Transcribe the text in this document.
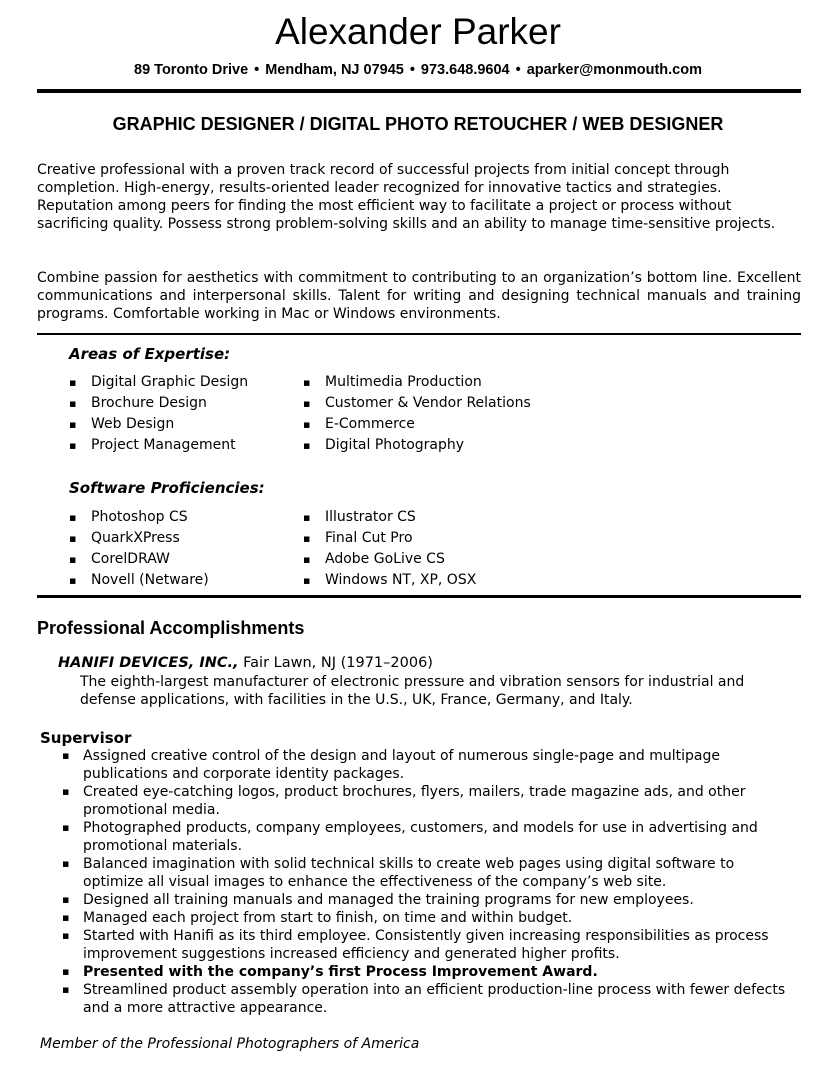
Alexander Parker
89 Toronto Drive • Mendham, NJ 07945 • 973.648.9604 • aparker@monmouth.com
GRAPHIC DESIGNER / DIGITAL PHOTO RETOUCHER / WEB DESIGNER

Creative professional with a proven track record of successful projects from initial concept through completion. High-energy, results-oriented leader recognized for innovative tactics and strategies. Reputation among peers for finding the most efficient way to facilitate a project or process without sacrificing quality. Possess strong problem-solving skills and an ability to manage time-sensitive projects.

Combine passion for aesthetics with commitment to contributing to an organization’s bottom line. Excellent communications and interpersonal skills. Talent for writing and designing technical manuals and training programs. Comfortable working in Mac or Windows environments.

Areas of Expertise:

▪ Digital Graphic Design
▪ Brochure Design
▪ Web Design
▪ Project Management
▪ Multimedia Production
▪ Customer & Vendor Relations
▪ E-Commerce
▪ Digital Photography

Software Proficiencies:

▪ Photoshop CS
▪ QuarkXPress
▪ CorelDRAW
▪ Novell (Netware)
▪ Illustrator CS
▪ Final Cut Pro
▪ Adobe GoLive CS
▪ Windows NT, XP, OSX

Professional Accomplishments

HANIFI DEVICES, INC., Fair Lawn, NJ (1971–2006)

The eighth-largest manufacturer of electronic pressure and vibration sensors for industrial and defense applications, with facilities in the U.S., UK, France, Germany, and Italy.

Supervisor

▪ Assigned creative control of the design and layout of numerous single-page and multipage publications and corporate identity packages.
▪ Created eye-catching logos, product brochures, flyers, mailers, trade magazine ads, and other promotional media.
▪ Photographed products, company employees, customers, and models for use in advertising and promotional materials.
▪ Balanced imagination with solid technical skills to create web pages using digital software to optimize all visual images to enhance the effectiveness of the company’s web site.
▪ Designed all training manuals and managed the training programs for new employees.
▪ Managed each project from start to finish, on time and within budget.
▪ Started with Hanifi as its third employee. Consistently given increasing responsibilities as process improvement suggestions increased efficiency and generated higher profits.
▪ Presented with the company’s first Process Improvement Award.
▪ Streamlined product assembly operation into an efficient production-line process with fewer defects and a more attractive appearance.

Member of the Professional Photographers of America
